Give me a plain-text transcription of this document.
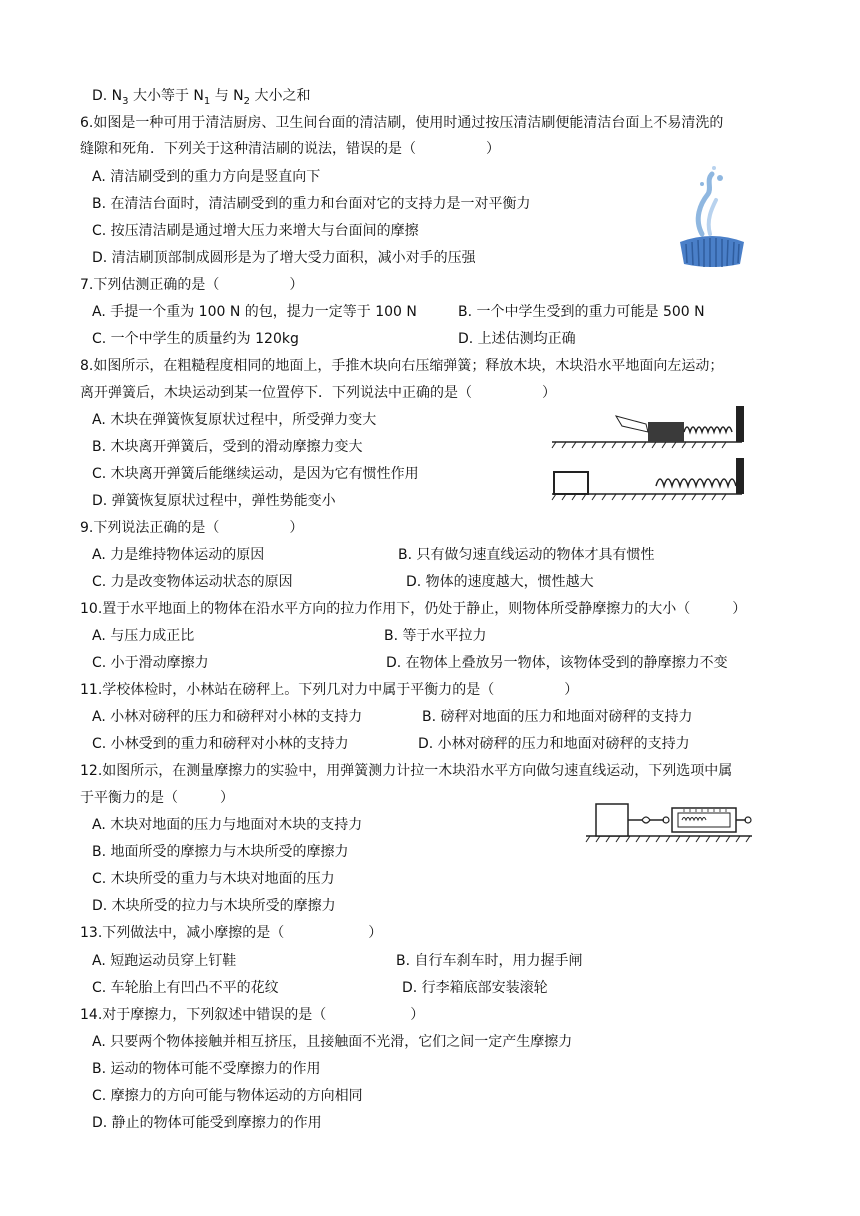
D. $N_3$ 大小等于 $N_1$ 与 $N_2$ 大小之和
6.如图是一种可用于清洁厨房、卫生间台面的清洁刷，使用时通过按压清洁刷便能清洁台面上不易清洗的
缝隙和死角．下列关于这种清洁刷的说法，错误的是（　　　　　）
A. 清洁刷受到的重力方向是竖直向下
B. 在清洁台面时，清洁刷受到的重力和台面对它的支持力是一对平衡力
C. 按压清洁刷是通过增大压力来增大与台面间的摩擦
D. 清洁刷顶部制成圆形是为了增大受力面积，减小对手的压强
7.下列估测正确的是（　　　　　）
A. 手提一个重为 100 N 的包，提力一定等于 100 N	B. 一个中学生受到的重力可能是 500 N
C. 一个中学生的质量约为 120kg	D. 上述估测均正确
8.如图所示，在粗糙程度相同的地面上，手推木块向右压缩弹簧；释放木块，木块沿水平地面向左运动；
离开弹簧后，木块运动到某一位置停下．下列说法中正确的是（　　　　　）
A. 木块在弹簧恢复原状过程中，所受弹力变大
B. 木块离开弹簧后，受到的滑动摩擦力变大
C. 木块离开弹簧后能继续运动，是因为它有惯性作用
D. 弹簧恢复原状过程中，弹性势能变小
9.下列说法正确的是（　　　　　）
A. 力是维持物体运动的原因	B. 只有做匀速直线运动的物体才具有惯性
C. 力是改变物体运动状态的原因	D. 物体的速度越大，惯性越大
10.置于水平地面上的物体在沿水平方向的拉力作用下，仍处于静止，则物体所受静摩擦力的大小（　　　）
A. 与压力成正比	B. 等于水平拉力
C. 小于滑动摩擦力	D. 在物体上叠放另一物体，该物体受到的静摩擦力不变
11.学校体检时，小林站在磅秤上。下列几对力中属于平衡力的是（　　　　　）
A. 小林对磅秤的压力和磅秤对小林的支持力	B. 磅秤对地面的压力和地面对磅秤的支持力
C. 小林受到的重力和磅秤对小林的支持力	D. 小林对磅秤的压力和地面对磅秤的支持力
12.如图所示，在测量摩擦力的实验中，用弹簧测力计拉一木块沿水平方向做匀速直线运动，下列选项中属
于平衡力的是（　　　）
A. 木块对地面的压力与地面对木块的支持力
B. 地面所受的摩擦力与木块所受的摩擦力
C. 木块所受的重力与木块对地面的压力
D. 木块所受的拉力与木块所受的摩擦力
13.下列做法中，减小摩擦的是（　　　　　　）
A. 短跑运动员穿上钉鞋	B. 自行车刹车时，用力握手闸
C. 车轮胎上有凹凸不平的花纹	D. 行李箱底部安装滚轮
14.对于摩擦力，下列叙述中错误的是（　　　　　　）
A. 只要两个物体接触并相互挤压，且接触面不光滑，它们之间一定产生摩擦力
B. 运动的物体可能不受摩擦力的作用
C. 摩擦力的方向可能与物体运动的方向相同
D. 静止的物体可能受到摩擦力的作用
